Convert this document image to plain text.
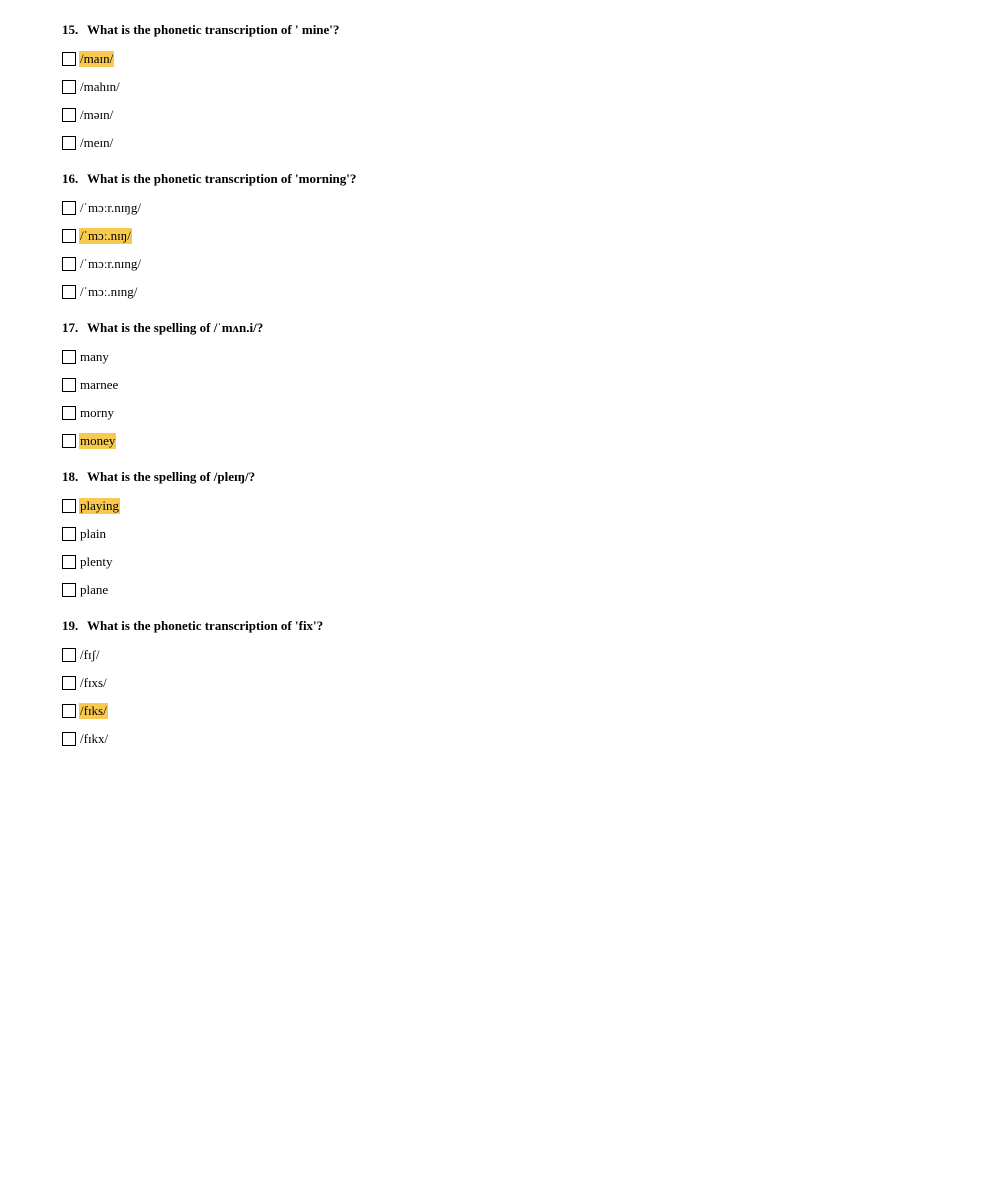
15. What is the phonetic transcription of ' mine'?
/maɪn/
/mahɪn/
/məɪn/
/meɪn/
16. What is the phonetic transcription of 'morning'?
/ˈmɔːr.nɪŋg/
/ˈmɔː.nɪŋ/
/ˈmɔːr.nɪng/
/ˈmɔː.nɪng/
17. What is the spelling of /ˈmʌn.i/?
many
marnee
morny
money
18. What is the spelling of /pleɪŋ/?
playing
plain
plenty
plane
19. What is the phonetic transcription of 'fix'?
/fɪʃ/
/fɪxs/
/fɪks/
/fɪkx/
